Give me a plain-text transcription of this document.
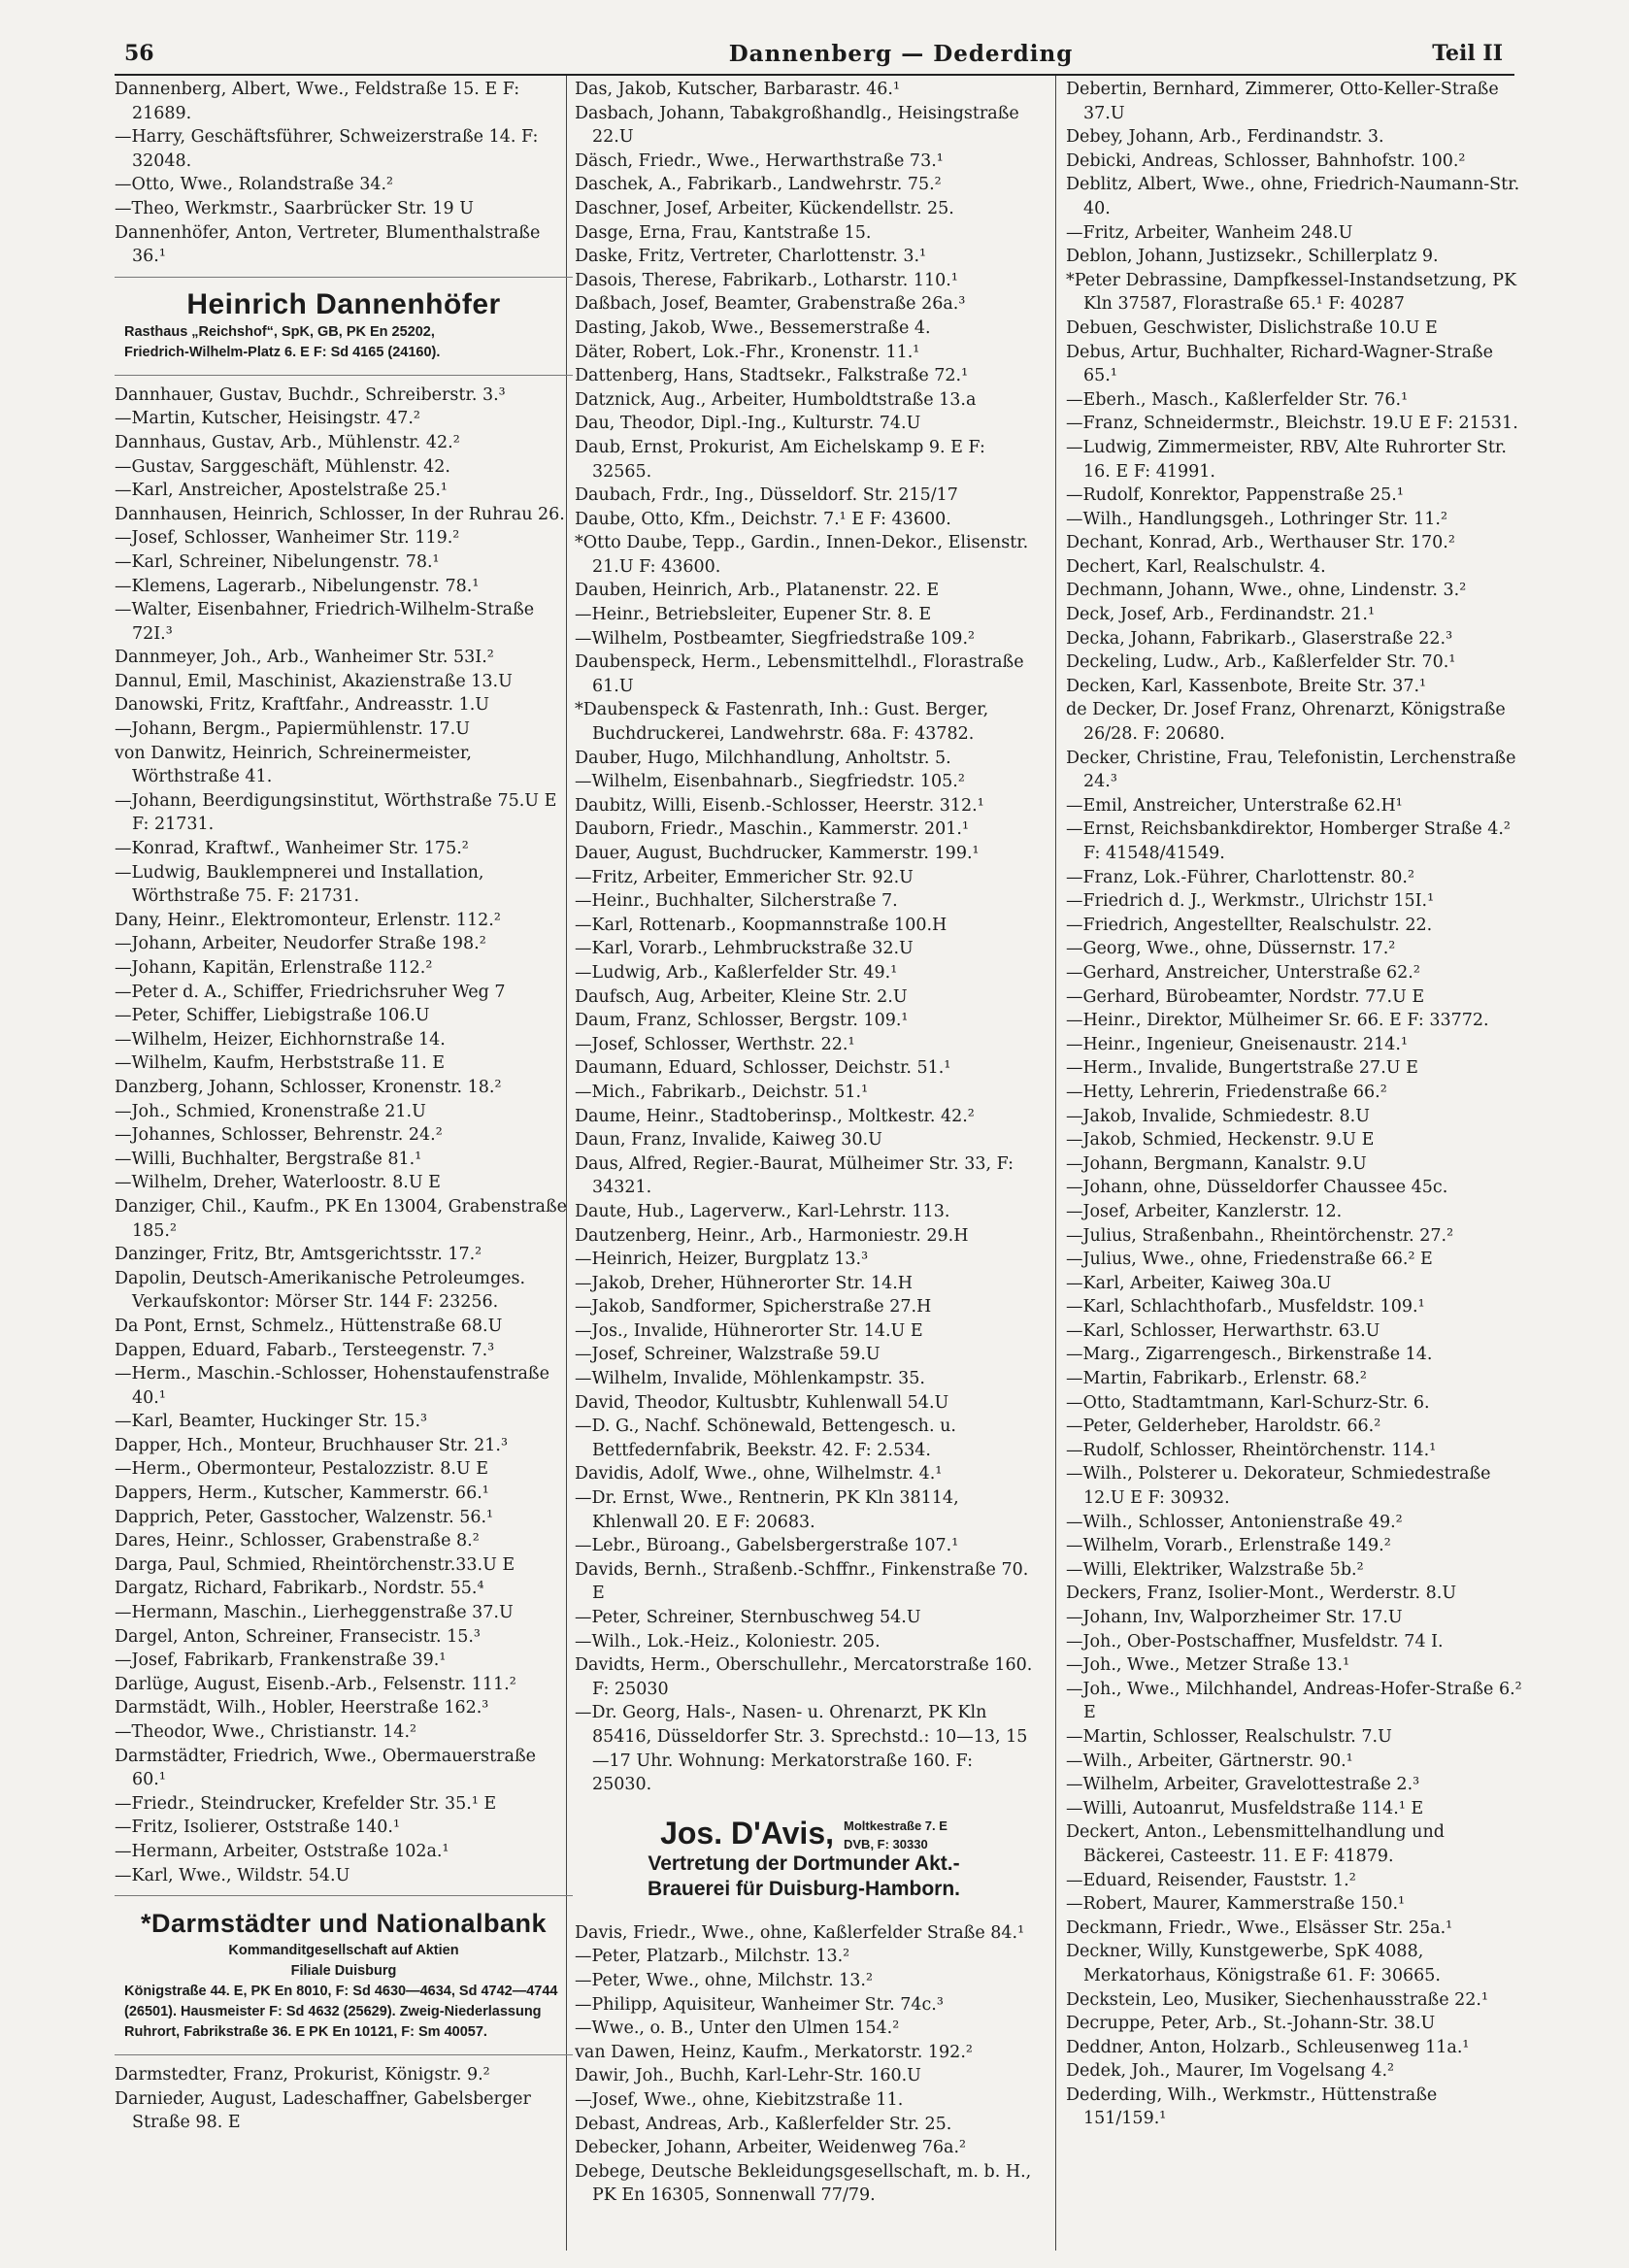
56	Dannenberg — Dederding	Teil II
Dannenberg, Albert, Wwe., Feldstraße 15. E F: 21689.
—Harry, Geschäftsführer, Schweizerstraße 14. F: 32048.
—Otto, Wwe., Rolandstraße 34.²
—Theo, Werkmstr., Saarbrücker Str. 19 U
Dannenhöfer, Anton, Vertreter, Blumenthalstraße 36.¹
Heinrich Dannenhöfer
Rasthaus „Reichshof“, SpK, GB, PK En 25202,
Friedrich-Wilhelm-Platz 6. E F: Sd 4165 (24160).
Dannhauer, Gustav, Buchdr., Schreiberstr. 3.³
—Martin, Kutscher, Heisingstr. 47.²
Dannhaus, Gustav, Arb., Mühlenstr. 42.²
—Gustav, Sarggeschäft, Mühlenstr. 42.
—Karl, Anstreicher, Apostelstraße 25.¹
Dannhausen, Heinrich, Schlosser, In der Ruhrau 26.
—Josef, Schlosser, Wanheimer Str. 119.²
—Karl, Schreiner, Nibelungenstr. 78.¹
—Klemens, Lagerarb., Nibelungenstr. 78.¹
—Walter, Eisenbahner, Friedrich-Wilhelm-Straße 72I.³
Dannmeyer, Joh., Arb., Wanheimer Str. 53I.²
Dannul, Emil, Maschinist, Akazienstraße 13.U
Danowski, Fritz, Kraftfahr., Andreasstr. 1.U
—Johann, Bergm., Papiermühlenstr. 17.U
von Danwitz, Heinrich, Schreinermeister, Wörthstraße 41.
—Johann, Beerdigungsinstitut, Wörthstraße 75.U E F: 21731.
—Konrad, Kraftwf., Wanheimer Str. 175.²
—Ludwig, Bauklempnerei und Installation, Wörthstraße 75. F: 21731.
Dany, Heinr., Elektromonteur, Erlenstr. 112.²
—Johann, Arbeiter, Neudorfer Straße 198.²
—Johann, Kapitän, Erlenstraße 112.²
—Peter d. A., Schiffer, Friedrichsruher Weg 7
—Peter, Schiffer, Liebigstraße 106.U
—Wilhelm, Heizer, Eichhornstraße 14.
—Wilhelm, Kaufm, Herbststraße 11. E
Danzberg, Johann, Schlosser, Kronenstr. 18.²
—Joh., Schmied, Kronenstraße 21.U
—Johannes, Schlosser, Behrenstr. 24.²
—Willi, Buchhalter, Bergstraße 81.¹
—Wilhelm, Dreher, Waterloostr. 8.U E
Danziger, Chil., Kaufm., PK En 13004, Grabenstraße 185.²
Danzinger, Fritz, Btr, Amtsgerichtsstr. 17.²
Dapolin, Deutsch-Amerikanische Petroleumges. Verkaufskontor: Mörser Str. 144 F: 23256.
Da Pont, Ernst, Schmelz., Hüttenstraße 68.U
Dappen, Eduard, Fabarb., Tersteegenstr. 7.³
—Herm., Maschin.-Schlosser, Hohenstaufenstraße 40.¹
—Karl, Beamter, Huckinger Str. 15.³
Dapper, Hch., Monteur, Bruchhauser Str. 21.³
—Herm., Obermonteur, Pestalozzistr. 8.U E
Dappers, Herm., Kutscher, Kammerstr. 66.¹
Dapprich, Peter, Gasstocher, Walzenstr. 56.¹
Dares, Heinr., Schlosser, Grabenstraße 8.²
Darga, Paul, Schmied, Rheintörchenstr.33.U E
Dargatz, Richard, Fabrikarb., Nordstr. 55.⁴
—Hermann, Maschin., Lierheggenstraße 37.U
Dargel, Anton, Schreiner, Fransecistr. 15.³
—Josef, Fabrikarb, Frankenstraße 39.¹
Darlüge, August, Eisenb.-Arb., Felsenstr. 111.²
Darmstädt, Wilh., Hobler, Heerstraße 162.³
—Theodor, Wwe., Christianstr. 14.²
Darmstädter, Friedrich, Wwe., Obermauerstraße 60.¹
—Friedr., Steindrucker, Krefelder Str. 35.¹ E
—Fritz, Isolierer, Oststraße 140.¹
—Hermann, Arbeiter, Oststraße 102a.¹
—Karl, Wwe., Wildstr. 54.U
*Darmstädter und Nationalbank
Kommanditgesellschaft auf Aktien
Filiale Duisburg
Königstraße 44. E, PK En 8010, F: Sd 4630—4634, Sd 4742—4744 (26501). Hausmeister F: Sd 4632 (25629). Zweig-Niederlassung Ruhrort, Fabrikstraße 36. E PK En 10121, F: Sm 40057.
Darmstedter, Franz, Prokurist, Königstr. 9.²
Darnieder, August, Ladeschaffner, Gabelsberger Straße 98. E
Das, Jakob, Kutscher, Barbarastr. 46.¹
Dasbach, Johann, Tabakgroßhandlg., Heisingstraße 22.U
Däsch, Friedr., Wwe., Herwarthstraße 73.¹
Daschek, A., Fabrikarb., Landwehrstr. 75.²
Daschner, Josef, Arbeiter, Kückendellstr. 25.
Dasge, Erna, Frau, Kantstraße 15.
Daske, Fritz, Vertreter, Charlottenstr. 3.¹
Dasois, Therese, Fabrikarb., Lotharstr. 110.¹
Daßbach, Josef, Beamter, Grabenstraße 26a.³
Dasting, Jakob, Wwe., Bessemerstraße 4.
Däter, Robert, Lok.-Fhr., Kronenstr. 11.¹
Dattenberg, Hans, Stadtsekr., Falkstraße 72.¹
Datznick, Aug., Arbeiter, Humboldtstraße 13.a
Dau, Theodor, Dipl.-Ing., Kulturstr. 74.U
Daub, Ernst, Prokurist, Am Eichelskamp 9. E F: 32565.
Daubach, Frdr., Ing., Düsseldorf. Str. 215/17
Daube, Otto, Kfm., Deichstr. 7.¹ E F: 43600.
*Otto Daube, Tepp., Gardin., Innen-Dekor., Elisenstr. 21.U F: 43600.
Dauben, Heinrich, Arb., Platanenstr. 22. E
—Heinr., Betriebsleiter, Eupener Str. 8. E
—Wilhelm, Postbeamter, Siegfriedstraße 109.²
Daubenspeck, Herm., Lebensmittelhdl., Florastraße 61.U
*Daubenspeck & Fastenrath, Inh.: Gust. Berger, Buchdruckerei, Landwehrstr. 68a. F: 43782.
Dauber, Hugo, Milchhandlung, Anholtstr. 5.
—Wilhelm, Eisenbahnarb., Siegfriedstr. 105.²
Daubitz, Willi, Eisenb.-Schlosser, Heerstr. 312.¹
Dauborn, Friedr., Maschin., Kammerstr. 201.¹
Dauer, August, Buchdrucker, Kammerstr. 199.¹
—Fritz, Arbeiter, Emmericher Str. 92.U
—Heinr., Buchhalter, Silcherstraße 7.
—Karl, Rottenarb., Koopmannstraße 100.H
—Karl, Vorarb., Lehmbruckstraße 32.U
—Ludwig, Arb., Kaßlerfelder Str. 49.¹
Daufsch, Aug, Arbeiter, Kleine Str. 2.U
Daum, Franz, Schlosser, Bergstr. 109.¹
—Josef, Schlosser, Werthstr. 22.¹
Daumann, Eduard, Schlosser, Deichstr. 51.¹
—Mich., Fabrikarb., Deichstr. 51.¹
Daume, Heinr., Stadtoberinsp., Moltkestr. 42.²
Daun, Franz, Invalide, Kaiweg 30.U
Daus, Alfred, Regier.-Baurat, Mülheimer Str. 33, F: 34321.
Daute, Hub., Lagerverw., Karl-Lehrstr. 113.
Dautzenberg, Heinr., Arb., Harmoniestr. 29.H
—Heinrich, Heizer, Burgplatz 13.³
—Jakob, Dreher, Hühnerorter Str. 14.H
—Jakob, Sandformer, Spicherstraße 27.H
—Jos., Invalide, Hühnerorter Str. 14.U E
—Josef, Schreiner, Walzstraße 59.U
—Wilhelm, Invalide, Möhlenkampstr. 35.
David, Theodor, Kultusbtr, Kuhlenwall 54.U
—D. G., Nachf. Schönewald, Bettengesch. u. Bettfedernfabrik, Beekstr. 42. F: 2.534.
Davidis, Adolf, Wwe., ohne, Wilhelmstr. 4.¹
—Dr. Ernst, Wwe., Rentnerin, PK Kln 38114, Khlenwall 20. E F: 20683.
—Lebr., Büroang., Gabelsbergerstraße 107.¹
Davids, Bernh., Straßenb.-Schffnr., Finkenstraße 70. E
—Peter, Schreiner, Sternbuschweg 54.U
—Wilh., Lok.-Heiz., Koloniestr. 205.
Davidts, Herm., Oberschullehr., Mercatorstraße 160. F: 25030
—Dr. Georg, Hals-, Nasen- u. Ohrenarzt, PK Kln 85416, Düsseldorfer Str. 3. Sprechstd.: 10—13, 15—17 Uhr. Wohnung: Merkatorstraße 160. F: 25030.
Jos. D'Avis, Moltkestraße 7. E
DVB, F: 30330
Vertretung der Dortmunder Akt.-
Brauerei für Duisburg-Hamborn.
Davis, Friedr., Wwe., ohne, Kaßlerfelder Straße 84.¹
—Peter, Platzarb., Milchstr. 13.²
—Peter, Wwe., ohne, Milchstr. 13.²
—Philipp, Aquisiteur, Wanheimer Str. 74c.³
—Wwe., o. B., Unter den Ulmen 154.²
van Dawen, Heinz, Kaufm., Merkatorstr. 192.²
Dawir, Joh., Buchh, Karl-Lehr-Str. 160.U
—Josef, Wwe., ohne, Kiebitzstraße 11.
Debast, Andreas, Arb., Kaßlerfelder Str. 25.
Debecker, Johann, Arbeiter, Weidenweg 76a.²
Debege, Deutsche Bekleidungsgesellschaft, m. b. H., PK En 16305, Sonnenwall 77/79.
Debertin, Bernhard, Zimmerer, Otto-Keller-Straße 37.U
Debey, Johann, Arb., Ferdinandstr. 3.
Debicki, Andreas, Schlosser, Bahnhofstr. 100.²
Deblitz, Albert, Wwe., ohne, Friedrich-Naumann-Str. 40.
—Fritz, Arbeiter, Wanheim 248.U
Deblon, Johann, Justizsekr., Schillerplatz 9.
*Peter Debrassine, Dampfkessel-Instandsetzung, PK Kln 37587, Florastraße 65.¹ F: 40287
Debuen, Geschwister, Dislichstraße 10.U E
Debus, Artur, Buchhalter, Richard-Wagner-Straße 65.¹
—Eberh., Masch., Kaßlerfelder Str. 76.¹
—Franz, Schneidermstr., Bleichstr. 19.U E F: 21531.
—Ludwig, Zimmermeister, RBV, Alte Ruhrorter Str. 16. E F: 41991.
—Rudolf, Konrektor, Pappenstraße 25.¹
—Wilh., Handlungsgeh., Lothringer Str. 11.²
Dechant, Konrad, Arb., Werthauser Str. 170.²
Dechert, Karl, Realschulstr. 4.
Dechmann, Johann, Wwe., ohne, Lindenstr. 3.²
Deck, Josef, Arb., Ferdinandstr. 21.¹
Decka, Johann, Fabrikarb., Glaserstraße 22.³
Deckeling, Ludw., Arb., Kaßlerfelder Str. 70.¹
Decken, Karl, Kassenbote, Breite Str. 37.¹
de Decker, Dr. Josef Franz, Ohrenarzt, Königstraße 26/28. F: 20680.
Decker, Christine, Frau, Telefonistin, Lerchenstraße 24.³
—Emil, Anstreicher, Unterstraße 62.H¹
—Ernst, Reichsbankdirektor, Homberger Straße 4.² F: 41548/41549.
—Franz, Lok.-Führer, Charlottenstr. 80.²
—Friedrich d. J., Werkmstr., Ulrichstr 15I.¹
—Friedrich, Angestellter, Realschulstr. 22.
—Georg, Wwe., ohne, Düssernstr. 17.²
—Gerhard, Anstreicher, Unterstraße 62.²
—Gerhard, Bürobeamter, Nordstr. 77.U E
—Heinr., Direktor, Mülheimer Sr. 66. E F: 33772.
—Heinr., Ingenieur, Gneisenaustr. 214.¹
—Herm., Invalide, Bungertstraße 27.U E
—Hetty, Lehrerin, Friedenstraße 66.²
—Jakob, Invalide, Schmiedestr. 8.U
—Jakob, Schmied, Heckenstr. 9.U E
—Johann, Bergmann, Kanalstr. 9.U
—Johann, ohne, Düsseldorfer Chaussee 45c.
—Josef, Arbeiter, Kanzlerstr. 12.
—Julius, Straßenbahn., Rheintörchenstr. 27.²
—Julius, Wwe., ohne, Friedenstraße 66.² E
—Karl, Arbeiter, Kaiweg 30a.U
—Karl, Schlachthofarb., Musfeldstr. 109.¹
—Karl, Schlosser, Herwarthstr. 63.U
—Marg., Zigarrengesch., Birkenstraße 14.
—Martin, Fabrikarb., Erlenstr. 68.²
—Otto, Stadtamtmann, Karl-Schurz-Str. 6.
—Peter, Gelderheber, Haroldstr. 66.²
—Rudolf, Schlosser, Rheintörchenstr. 114.¹
—Wilh., Polsterer u. Dekorateur, Schmiedestraße 12.U E F: 30932.
—Wilh., Schlosser, Antonienstraße 49.²
—Wilhelm, Vorarb., Erlenstraße 149.²
—Willi, Elektriker, Walzstraße 5b.²
Deckers, Franz, Isolier-Mont., Werderstr. 8.U
—Johann, Inv, Walporzheimer Str. 17.U
—Joh., Ober-Postschaffner, Musfeldstr. 74 I.
—Joh., Wwe., Metzer Straße 13.¹
—Joh., Wwe., Milchhandel, Andreas-Hofer-Straße 6.² E
—Martin, Schlosser, Realschulstr. 7.U
—Wilh., Arbeiter, Gärtnerstr. 90.¹
—Wilhelm, Arbeiter, Gravelottestraße 2.³
—Willi, Autoanrut, Musfeldstraße 114.¹ E
Deckert, Anton., Lebensmittelhandlung und Bäckerei, Casteestr. 11. E F: 41879.
—Eduard, Reisender, Fauststr. 1.²
—Robert, Maurer, Kammerstraße 150.¹
Deckmann, Friedr., Wwe., Elsässer Str. 25a.¹
Deckner, Willy, Kunstgewerbe, SpK 4088, Merkatorhaus, Königstraße 61. F: 30665.
Deckstein, Leo, Musiker, Siechenhausstraße 22.¹
Decruppe, Peter, Arb., St.-Johann-Str. 38.U
Deddner, Anton, Holzarb., Schleusenweg 11a.¹
Dedek, Joh., Maurer, Im Vogelsang 4.²
Dederding, Wilh., Werkmstr., Hüttenstraße 151/159.¹
